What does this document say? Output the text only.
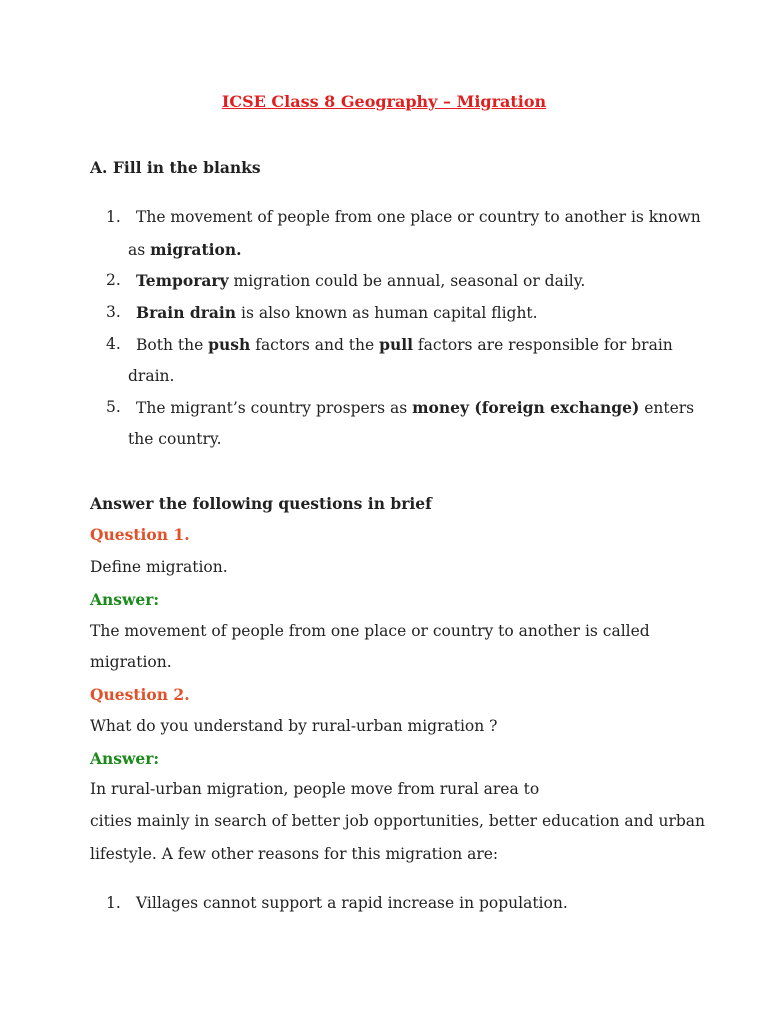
ICSE Class 8 Geography – Migration

A. Fill in the blanks

1. The movement of people from one place or country to another is known

as migration.

2. Temporary migration could be annual, seasonal or daily.

3. Brain drain is also known as human capital flight.

4. Both the push factors and the pull factors are responsible for brain

drain.

5. The migrant’s country prospers as money (foreign exchange) enters

the country.

Answer the following questions in brief

Question 1.

Define migration.

Answer:

The movement of people from one place or country to another is called

migration.

Question 2.

What do you understand by rural-urban migration ?

Answer:

In rural-urban migration, people move from rural area to

cities mainly in search of better job opportunities, better education and urban

lifestyle. A few other reasons for this migration are:

1. Villages cannot support a rapid increase in population.
